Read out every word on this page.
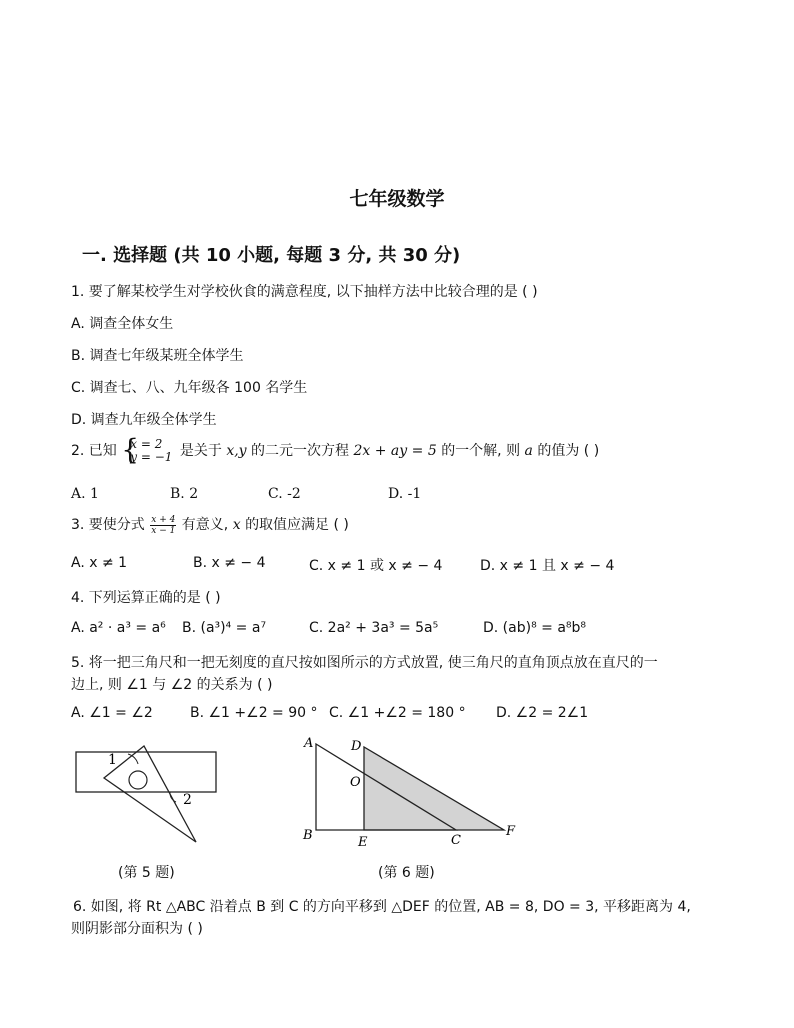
七年级数学
一. 选择题 (共 10 小题, 每题 3 分, 共 30 分)
1. 要了解某校学生对学校伙食的满意程度, 以下抽样方法中比较合理的是 ( )
A. 调查全体女生
B. 调查七年级某班全体学生
C. 调查七、八、九年级各 100 名学生
D. 调查九年级全体学生
2. 已知 {
x = 2
y = −1 是关于 x,y 的二元一次方程 2x + ay = 5 的一个解, 则 a 的值为 ( )
A. 1	B. 2	C. -2	D. -1
3. 要使分式 $\frac{x + 4}{x - 1}$ 有意义, x 的取值应满足 ( )
A. x ≠ 1	B. x ≠ − 4	C. x ≠ 1 或 x ≠ − 4	D. x ≠ 1 且 x ≠ − 4
4. 下列运算正确的是 ( )
A. a² · a³ = a⁶ B. (a³)⁴ = a⁷	C. 2a² + 3a³ = 5a⁵	D. (ab)⁸ = a⁸b⁸
5. 将一把三角尺和一把无刻度的直尺按如图所示的方式放置, 使三角尺的直角顶点放在直尺的一
边上, 则 ∠1 与 ∠2 的关系为 ( )
A. ∠1 = ∠2	B. ∠1 +∠2 = 90 ° C. ∠1 +∠2 = 180 ° D. ∠2 = 2∠1
1
2
(第 5 题)
A	D
O
B	E	C
F
(第 6 题)
6. 如图, 将 Rt △ABC 沿着点 B 到 C 的方向平移到 △DEF 的位置, AB = 8, DO = 3, 平移距离为 4,
则阴影部分面积为 ( )
